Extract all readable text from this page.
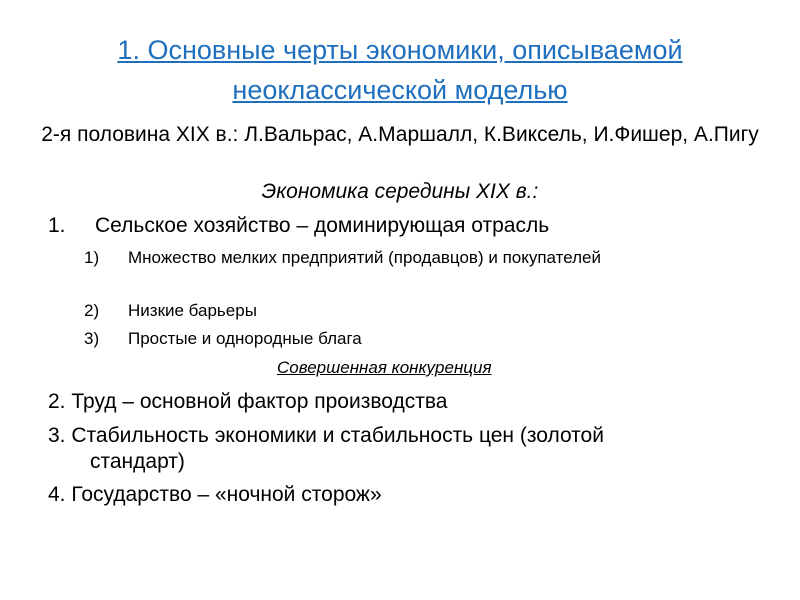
1. Основные черты экономики, описываемой неоклассической моделью
2-я половина XIX в.: Л.Вальрас, А.Маршалл, К.Виксель, И.Фишер, А.Пигу
Экономика середины XIX в.:
1. Сельское хозяйство – доминирующая отрасль
1) Множество мелких предприятий (продавцов) и покупателей
2) Низкие барьеры
3) Простые и однородные блага
Совершенная конкуренция
2. Труд – основной фактор производства
3. Стабильность экономики и стабильность цен (золотой
стандарт)
4. Государство – «ночной сторож»
